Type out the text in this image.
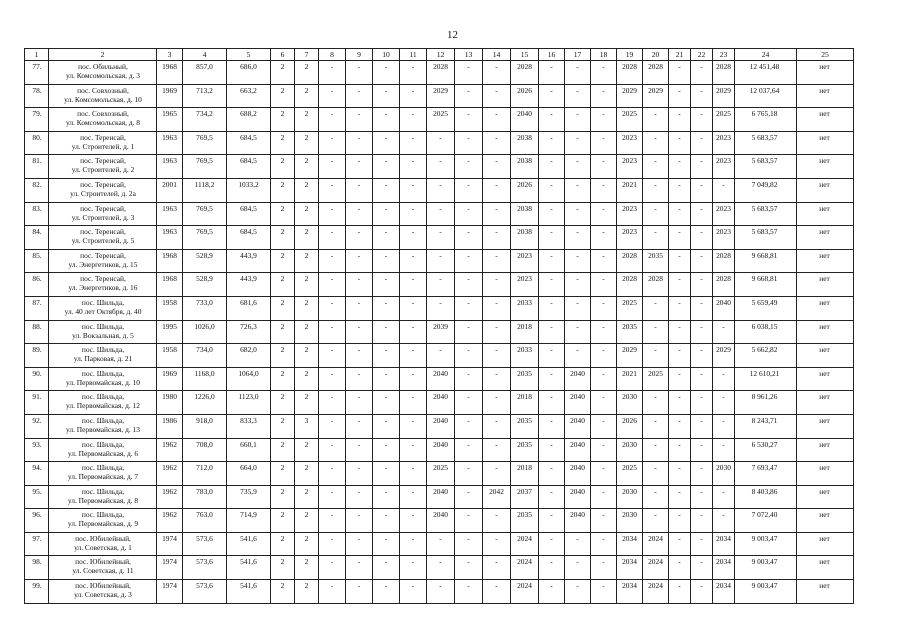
12
1	2	3	4	5	6	7	8	9	10	11	12	13	14	15	16	17	18	19	20	21	22	23	24	25
77.	пос. Обильный,
ул. Комсомольская, д. 3	1968	857,0	686,0	2	2	-	-	-	-	2028	-	-	2028	-	-	-	2028	2028	-	-	2028	12 451,48	нет
78.	пос. Совхозный,
ул. Комсомольская, д. 10	1969	713,2	663,2	2	2	-	-	-	-	2029	-	-	2026	-	-	-	2029	2029	-	-	2029	12 037,64	нет
79.	пос. Совхозный,
ул. Комсомольская, д. 8	1965	734,2	688,2	2	2	-	-	-	-	2025	-	-	2040	-	-	-	2025	-	-	-	2025	6 765,18	нет
80.	пос. Теренсай,
ул. Строителей, д. 1	1963	769,5	684,5	2	2	-	-	-	-	-	-	-	2038	-	-	-	2023	-	-	-	2023	5 683,57	нет
81.	пос. Теренсай,
ул. Строителей, д. 2	1963	769,5	684,5	2	2	-	-	-	-	-	-	-	2038	-	-	-	2023	-	-	-	2023	5 683,57	нет
82.	пос. Теренсай,
ул. Строителей, д. 2а	2001	1118,2	1033,2	2	2	-	-	-	-	-	-	-	2026	-	-	-	2021	-	-	-	-	7 049,82	нет
83.	пос. Теренсай,
ул. Строителей, д. 3	1963	769,5	684,5	2	2	-	-	-	-	-	-	-	2038	-	-	-	2023	-	-	-	2023	5 683,57	нет
84.	пос. Теренсай,
ул. Строителей, д. 5	1963	769,5	684,5	2	2	-	-	-	-	-	-	-	2038	-	-	-	2023	-	-	-	2023	5 683,57	нет
85.	пос. Теренсай,
ул. Энергетиков, д. 15	1968	528,9	443,9	2	2	-	-	-	-	-	-	-	2023	-	-	-	2028	2035	-	-	2028	9 668,81	нет
86.	пос. Теренсай,
ул. Энергетиков, д. 16	1968	528,9	443,9	2	2	-	-	-	-	-	-	-	2023	-	-	-	2028	2028	-	-	2028	9 668,81	нет
87.	пос. Шильда,
ул. 40 лет Октября, д. 40	1958	733,0	681,6	2	2	-	-	-	-	-	-	-	2033	-	-	-	2025	-	-	-	2040	5 659,49	нет
88.	пос. Шильда,
ул. Вокзальная, д. 5	1995	1026,0	726,3	2	2	-	-	-	-	2039	-	-	2018	-	-	-	2035	-	-	-	-	6 038,15	нет
89.	пос. Шильда,
ул. Парковая, д. 21	1958	734,0	682,0	2	2	-	-	-	-	-	-	-	2033	-	-	-	2029	-	-	-	2029	5 662,82	нет
90.	пос. Шильда,
ул. Первомайская, д. 10	1969	1168,0	1064,0	2	2	-	-	-	-	2040	-	-	2035	-	2040	-	2021	2025	-	-	-	12 610,21	нет
91.	пос. Шильда,
ул. Первомайская, д. 12	1980	1226,0	1123,0	2	2	-	-	-	-	2040	-	-	2018	-	2040	-	2030	-	-	-	-	8 961,26	нет
92.	пос. Шильда,
ул. Первомайская, д. 13	1986	918,0	833,3	2	3	-	-	-	-	2040	-	-	2035	-	2040	-	2026	-	-	-	-	8 243,71	нет
93.	пос. Шильда,
ул. Первомайская, д. 6	1962	708,0	660,1	2	2	-	-	-	-	2040	-	-	2035	-	2040	-	2030	-	-	-	-	6 530,27	нет
94.	пос. Шильда,
ул. Первомайская, д. 7	1962	712,0	664,0	2	2	-	-	-	-	2025	-	-	2018	-	2040	-	2025	-	-	-	2030	7 693,47	нет
95.	пос. Шильда,
ул. Первомайская, д. 8	1962	783,0	735,9	2	2	-	-	-	-	2040	-	2042	2037	-	2040	-	2030	-	-	-	-	8 403,86	нет
96.	пос. Шильда,
ул. Первомайская, д. 9	1962	763,0	714,9	2	2	-	-	-	-	2040	-	-	2035	-	2040	-	2030	-	-	-	-	7 072,40	нет
97.	пос. Юбилейный,
ул. Советская, д. 1	1974	573,6	541,6	2	2	-	-	-	-	-	-	-	2024	-	-	-	2034	2024	-	-	2034	9 003,47	нет
98.	пос. Юбилейный,
ул. Советская, д. 11	1974	573,6	541,6	2	2	-	-	-	-	-	-	-	2024	-	-	-	2034	2024	-	-	2034	9 003,47	нет
99.	пос. Юбилейный,
ул. Советская, д. 3	1974	573,6	541,6	2	2	-	-	-	-	-	-	-	2024	-	-	-	2034	2024	-	-	2034	9 003,47	нет
